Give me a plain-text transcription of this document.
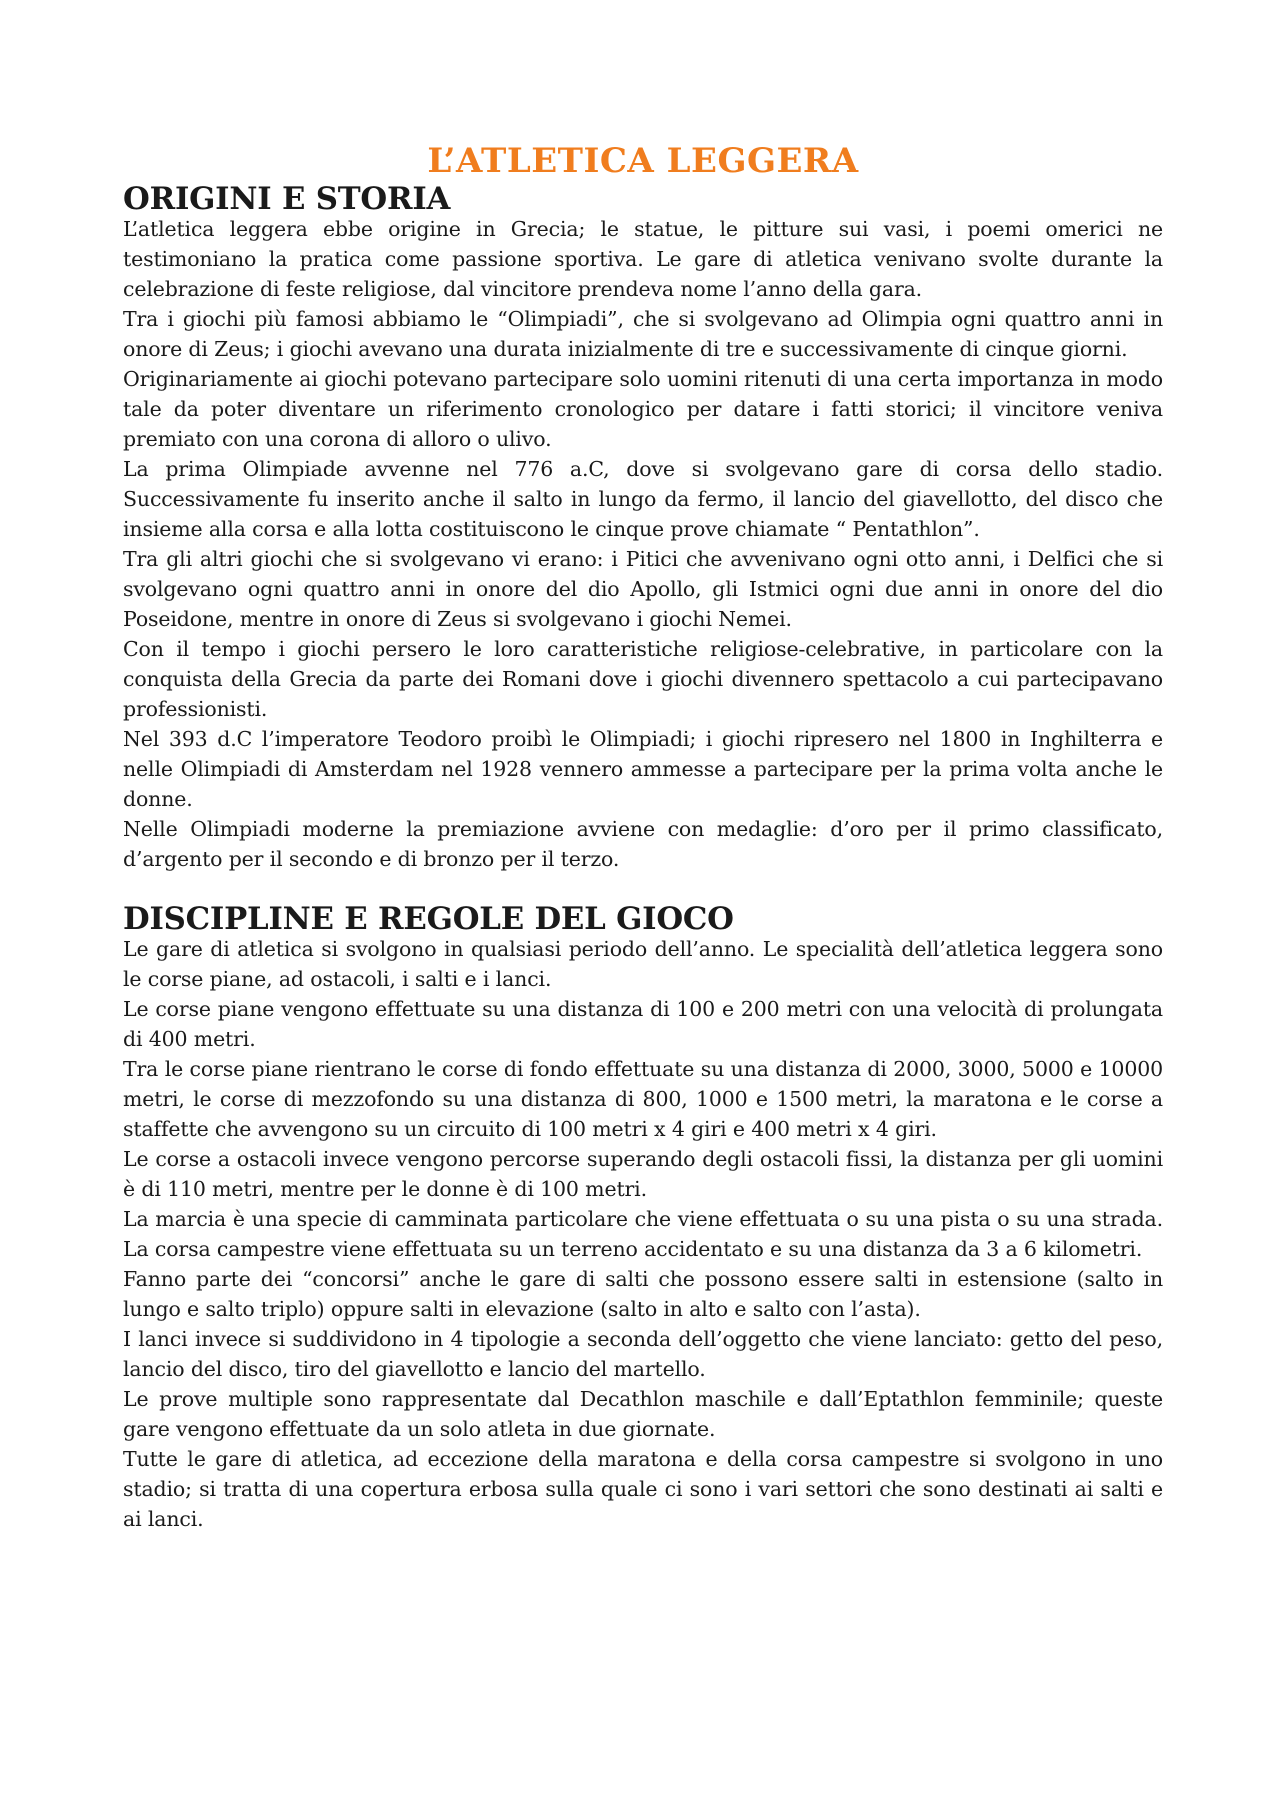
L’ATLETICA LEGGERA
ORIGINI E STORIA

L’atletica leggera ebbe origine in Grecia; le statue, le pitture sui vasi, i poemi omerici ne testimoniano la pratica come passione sportiva. Le gare di atletica venivano svolte durante la celebrazione di feste religiose, dal vincitore prendeva nome l’anno della gara.

Tra i giochi più famosi abbiamo le “Olimpiadi”, che si svolgevano ad Olimpia ogni quattro anni in onore di Zeus; i giochi avevano una durata inizialmente di tre e successivamente di cinque giorni.

Originariamente ai giochi potevano partecipare solo uomini ritenuti di una certa importanza in modo tale da poter diventare un riferimento cronologico per datare i fatti storici; il vincitore veniva premiato con una corona di alloro o ulivo.

La prima Olimpiade avvenne nel 776 a.C, dove si svolgevano gare di corsa dello stadio. Successivamente fu inserito anche il salto in lungo da fermo, il lancio del giavellotto, del disco che insieme alla corsa e alla lotta costituiscono le cinque prove chiamate “ Pentathlon”.

Tra gli altri giochi che si svolgevano vi erano: i Pitici che avvenivano ogni otto anni, i Delfici che si svolgevano ogni quattro anni in onore del dio Apollo, gli Istmici ogni due anni in onore del dio Poseidone, mentre in onore di Zeus si svolgevano i giochi Nemei.

Con il tempo i giochi persero le loro caratteristiche religiose-celebrative, in particolare con la conquista della Grecia da parte dei Romani dove i giochi divennero spettacolo a cui partecipavano professionisti.

Nel 393 d.C l’imperatore Teodoro proibì le Olimpiadi; i giochi ripresero nel 1800 in Inghilterra e nelle Olimpiadi di Amsterdam nel 1928 vennero ammesse a partecipare per la prima volta anche le donne.

Nelle Olimpiadi moderne la premiazione avviene con medaglie: d’oro per il primo classificato, d’argento per il secondo e di bronzo per il terzo.

DISCIPLINE E REGOLE DEL GIOCO

Le gare di atletica si svolgono in qualsiasi periodo dell’anno. Le specialità dell’atletica leggera sono le corse piane, ad ostacoli, i salti e i lanci.

Le corse piane vengono effettuate su una distanza di 100 e 200 metri con una velocità di prolungata di 400 metri.

Tra le corse piane rientrano le corse di fondo effettuate su una distanza di 2000, 3000, 5000 e 10000 metri, le corse di mezzofondo su una distanza di 800, 1000 e 1500 metri, la maratona e le corse a staffette che avvengono su un circuito di 100 metri x 4 giri e 400 metri x 4 giri.

Le corse a ostacoli invece vengono percorse superando degli ostacoli fissi, la distanza per gli uomini è di 110 metri, mentre per le donne è di 100 metri.

La marcia è una specie di camminata particolare che viene effettuata o su una pista o su una strada. La corsa campestre viene effettuata su un terreno accidentato e su una distanza da 3 a 6 kilometri.

Fanno parte dei “concorsi” anche le gare di salti che possono essere salti in estensione (salto in lungo e salto triplo) oppure salti in elevazione (salto in alto e salto con l’asta).

I lanci invece si suddividono in 4 tipologie a seconda dell’oggetto che viene lanciato: getto del peso, lancio del disco, tiro del giavellotto e lancio del martello.

Le prove multiple sono rappresentate dal Decathlon maschile e dall’Eptathlon femminile; queste gare vengono effettuate da un solo atleta in due giornate.

Tutte le gare di atletica, ad eccezione della maratona e della corsa campestre si svolgono in uno stadio; si tratta di una copertura erbosa sulla quale ci sono i vari settori che sono destinati ai salti e ai lanci.
